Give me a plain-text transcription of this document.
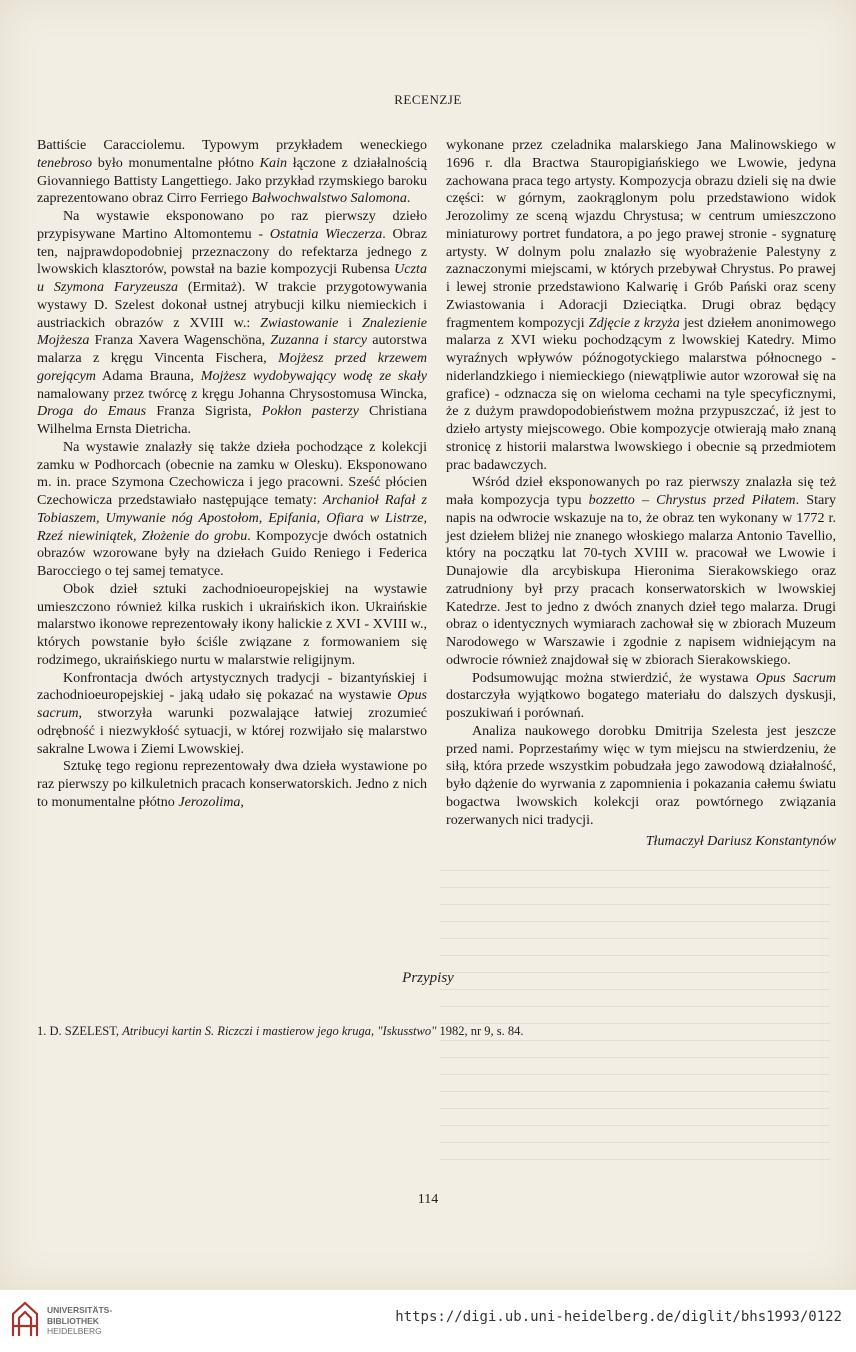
RECENZJE

Battiście Caracciolemu. Typowym przykładem weneckiego tenebroso było monumentalne płótno Kain łączone z działalnością Giovanniego Battisty Langettiego. Jako przykład rzymskiego baroku zaprezentowano obraz Cirro Ferriego Bałwochwalstwo Salomona.

Na wystawie eksponowano po raz pierwszy dzieło przypisywane Martino Altomontemu - Ostatnia Wieczerza. Obraz ten, najprawdopodobniej przeznaczony do refektarza jednego z lwowskich klasztorów, powstał na bazie kompozycji Rubensa Uczta u Szymona Faryzeusza (Ermitaż). W trakcie przygotowywania wystawy D. Szelest dokonał ustnej atrybucji kilku niemieckich i austriackich obrazów z XVIII w.: Zwiastowanie i Znalezienie Mojżesza Franza Xavera Wagenschöna, Zuzanna i starcy autorstwa malarza z kręgu Vincenta Fischera, Mojżesz przed krzewem gorejącym Adama Brauna, Mojżesz wydobywający wodę ze skały namalowany przez twórcę z kręgu Johanna Chrysostomusa Wincka, Droga do Emaus Franza Sigrista, Pokłon pasterzy Christiana Wilhelma Ernsta Dietricha.

Na wystawie znalazły się także dzieła pochodzące z kolekcji zamku w Podhorcach (obecnie na zamku w Olesku). Eksponowano m. in. prace Szymona Czechowicza i jego pracowni. Sześć płócien Czechowicza przedstawiało następujące tematy: Archanioł Rafał z Tobiaszem, Umywanie nóg Apostołom, Epifania, Ofiara w Listrze, Rzeź niewiniątek, Złożenie do grobu. Kompozycje dwóch ostatnich obrazów wzorowane były na dziełach Guido Reniego i Federica Barocciego o tej samej tematyce.

Obok dzieł sztuki zachodnioeuropejskiej na wystawie umieszczono również kilka ruskich i ukraińskich ikon. Ukraińskie malarstwo ikonowe reprezentowały ikony halickie z XVI - XVIII w., których powstanie było ściśle związane z formowaniem się rodzimego, ukraińskiego nurtu w malarstwie religijnym.

Konfrontacja dwóch artystycznych tradycji - bizantyńskiej i zachodnioeuropejskiej - jaką udało się pokazać na wystawie Opus sacrum, stworzyła warunki pozwalające łatwiej zrozumieć odrębność i niezwykłość sytuacji, w której rozwijało się malarstwo sakralne Lwowa i Ziemi Lwowskiej.

Sztukę tego regionu reprezentowały dwa dzieła wystawione po raz pierwszy po kilkuletnich pracach konserwatorskich. Jedno z nich to monumentalne płótno Jerozolima,

wykonane przez czeladnika malarskiego Jana Malinowskiego w 1696 r. dla Bractwa Stauropigiańskiego we Lwowie, jedyna zachowana praca tego artysty. Kompozycja obrazu dzieli się na dwie części: w górnym, zaokrąglonym polu przedstawiono widok Jerozolimy ze sceną wjazdu Chrystusa; w centrum umieszczono miniaturowy portret fundatora, a po jego prawej stronie - sygnaturę artysty. W dolnym polu znalazło się wyobrażenie Palestyny z zaznaczonymi miejscami, w których przebywał Chrystus. Po prawej i lewej stronie przedstawiono Kalwarię i Grób Pański oraz sceny Zwiastowania i Adoracji Dzieciątka. Drugi obraz będący fragmentem kompozycji Zdjęcie z krzyża jest dziełem anonimowego malarza z XVI wieku pochodzącym z lwowskiej Katedry. Mimo wyraźnych wpływów późnogotyckiego malarstwa północnego - niderlandzkiego i niemieckiego (niewątpliwie autor wzorował się na grafice) - odznacza się on wieloma cechami na tyle specyficznymi, że z dużym prawdopodobieństwem można przypuszczać, iż jest to dzieło artysty miejscowego. Obie kompozycje otwierają mało znaną stronicę z historii malarstwa lwowskiego i obecnie są przedmiotem prac badawczych.

Wśród dzieł eksponowanych po raz pierwszy znalazła się też mała kompozycja typu bozzetto – Chrystus przed Piłatem. Stary napis na odwrocie wskazuje na to, że obraz ten wykonany w 1772 r. jest dziełem bliżej nie znanego włoskiego malarza Antonio Tavellio, który na początku lat 70-tych XVIII w. pracował we Lwowie i Dunajowie dla arcybiskupa Hieronima Sierakowskiego oraz zatrudniony był przy pracach konserwatorskich w lwowskiej Katedrze. Jest to jedno z dwóch znanych dzieł tego malarza. Drugi obraz o identycznych wymiarach zachował się w zbiorach Muzeum Narodowego w Warszawie i zgodnie z napisem widniejącym na odwrocie również znajdował się w zbiorach Sierakowskiego.

Podsumowując można stwierdzić, że wystawa Opus Sacrum dostarczyła wyjątkowo bogatego materiału do dalszych dyskusji, poszukiwań i porównań.

Analiza naukowego dorobku Dmitrija Szelesta jest jeszcze przed nami. Poprzestańmy więc w tym miejscu na stwierdzeniu, że siłą, która przede wszystkim pobudzała jego zawodową działalność, było dążenie do wyrwania z zapomnienia i pokazania całemu światu bogactwa lwowskich kolekcji oraz powtórnego związania rozerwanych nici tradycji.

Tłumaczył Dariusz Konstantynów

Przypisy
1. D. SZELEST, Atribucyi kartin S. Riczczi i mastierow jego kruga, "Iskusstwo" 1982, nr 9, s. 84.
114
UNIVERSITÄTS-
BIBLIOTHEK
HEIDELBERG
https://digi.ub.uni-heidelberg.de/diglit/bhs1993/0122
